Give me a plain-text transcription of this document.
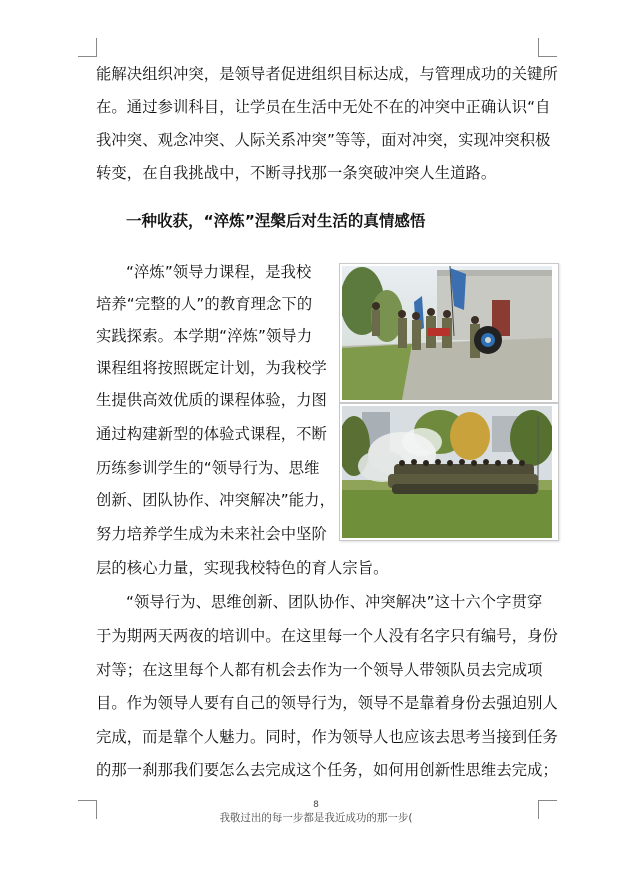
能解决组织冲突，是领导者促进组织目标达成，与管理成功的关键所
在。通过参训科目，让学员在生活中无处不在的冲突中正确认识“自
我冲突、观念冲突、人际关系冲突”等等，面对冲突，实现冲突积极
转变，在自我挑战中，不断寻找那一条突破冲突人生道路。
一种收获，“淬炼”涅槃后对生活的真情感悟
“淬炼”领导力课程，是我校
培养“完整的人”的教育理念下的
实践探索。本学期“淬炼”领导力
课程组将按照既定计划，为我校学
生提供高效优质的课程体验，力图
通过构建新型的体验式课程，不断
历练参训学生的“领导行为、思维
创新、团队协作、冲突解决”能力，
努力培养学生成为未来社会中坚阶
层的核心力量，实现我校特色的育人宗旨。
“领导行为、思维创新、团队协作、冲突解决”这十六个字贯穿
于为期两天两夜的培训中。在这里每一个人没有名字只有编号，身份
对等；在这里每个人都有机会去作为一个领导人带领队员去完成项
目。作为领导人要有自己的领导行为，领导不是靠着身份去强迫别人
完成，而是靠个人魅力。同时，作为领导人也应该去思考当接到任务
的那一刹那我们要怎么去完成这个任务，如何用创新性思维去完成；
8
我敬过出的每一步都是我近成功的那一步(
